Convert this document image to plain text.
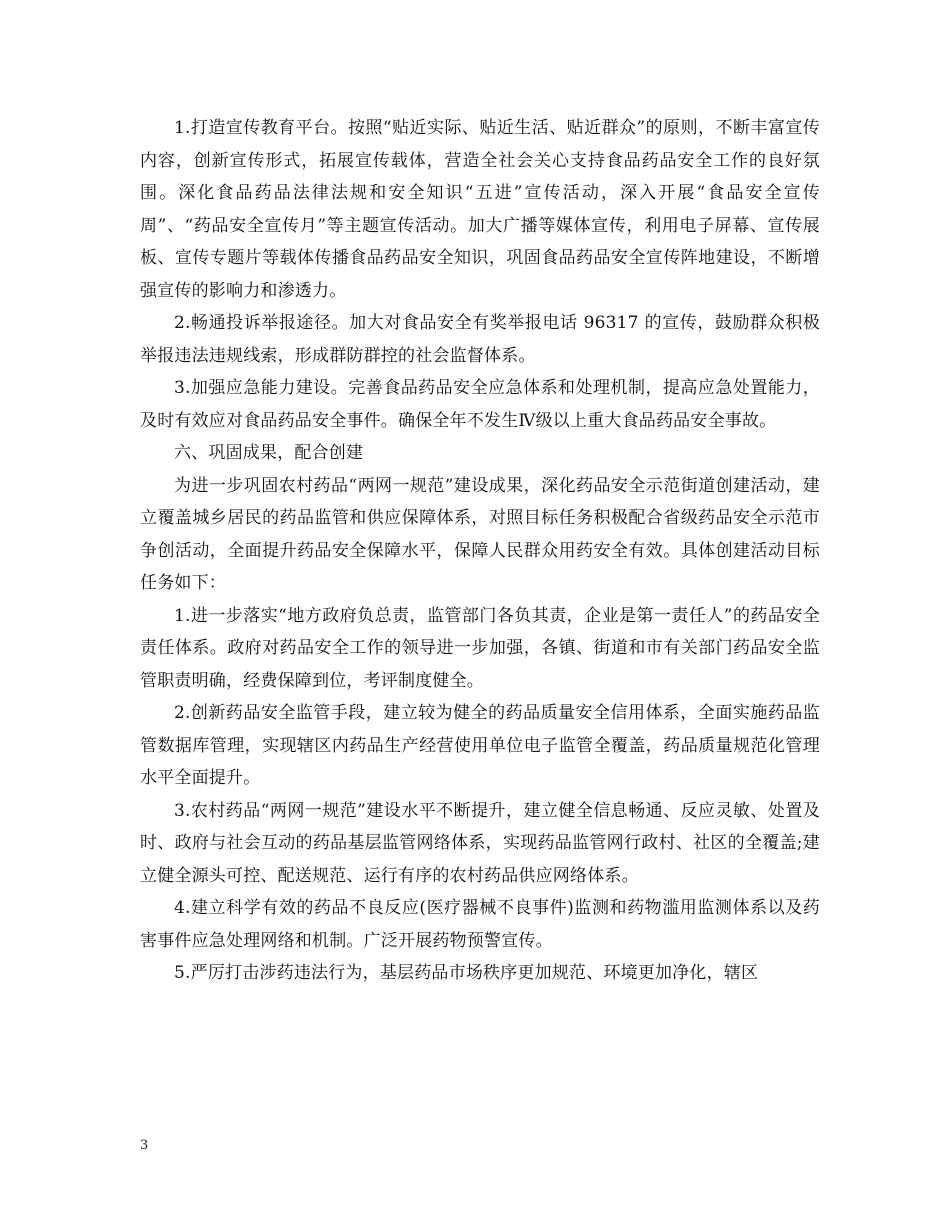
1.打造宣传教育平台。按照“贴近实际、贴近生活、贴近群众”的原则，不断丰富宣传内容，创新宣传形式，拓展宣传载体，营造全社会关心支持食品药品安全工作的良好氛围。深化食品药品法律法规和安全知识“五进”宣传活动，深入开展“食品安全宣传周”、“药品安全宣传月”等主题宣传活动。加大广播等媒体宣传，利用电子屏幕、宣传展板、宣传专题片等载体传播食品药品安全知识，巩固食品药品安全宣传阵地建设，不断增强宣传的影响力和渗透力。

2.畅通投诉举报途径。加大对食品安全有奖举报电话 96317 的宣传，鼓励群众积极举报违法违规线索，形成群防群控的社会监督体系。

3.加强应急能力建设。完善食品药品安全应急体系和处理机制，提高应急处置能力，及时有效应对食品药品安全事件。确保全年不发生Ⅳ级以上重大食品药品安全事故。

六、巩固成果，配合创建

为进一步巩固农村药品“两网一规范”建设成果，深化药品安全示范街道创建活动，建立覆盖城乡居民的药品监管和供应保障体系，对照目标任务积极配合省级药品安全示范市争创活动，全面提升药品安全保障水平，保障人民群众用药安全有效。具体创建活动目标任务如下：

1.进一步落实“地方政府负总责，监管部门各负其责，企业是第一责任人”的药品安全责任体系。政府对药品安全工作的领导进一步加强，各镇、街道和市有关部门药品安全监管职责明确，经费保障到位，考评制度健全。

2.创新药品安全监管手段，建立较为健全的药品质量安全信用体系，全面实施药品监管数据库管理，实现辖区内药品生产经营使用单位电子监管全覆盖，药品质量规范化管理水平全面提升。

3.农村药品“两网一规范”建设水平不断提升，建立健全信息畅通、反应灵敏、处置及时、政府与社会互动的药品基层监管网络体系，实现药品监管网行政村、社区的全覆盖;建立健全源头可控、配送规范、运行有序的农村药品供应网络体系。

4.建立科学有效的药品不良反应(医疗器械不良事件)监测和药物滥用监测体系以及药害事件应急处理网络和机制。广泛开展药物预警宣传。

5.严厉打击涉药违法行为，基层药品市场秩序更加规范、环境更加净化，辖区

3
